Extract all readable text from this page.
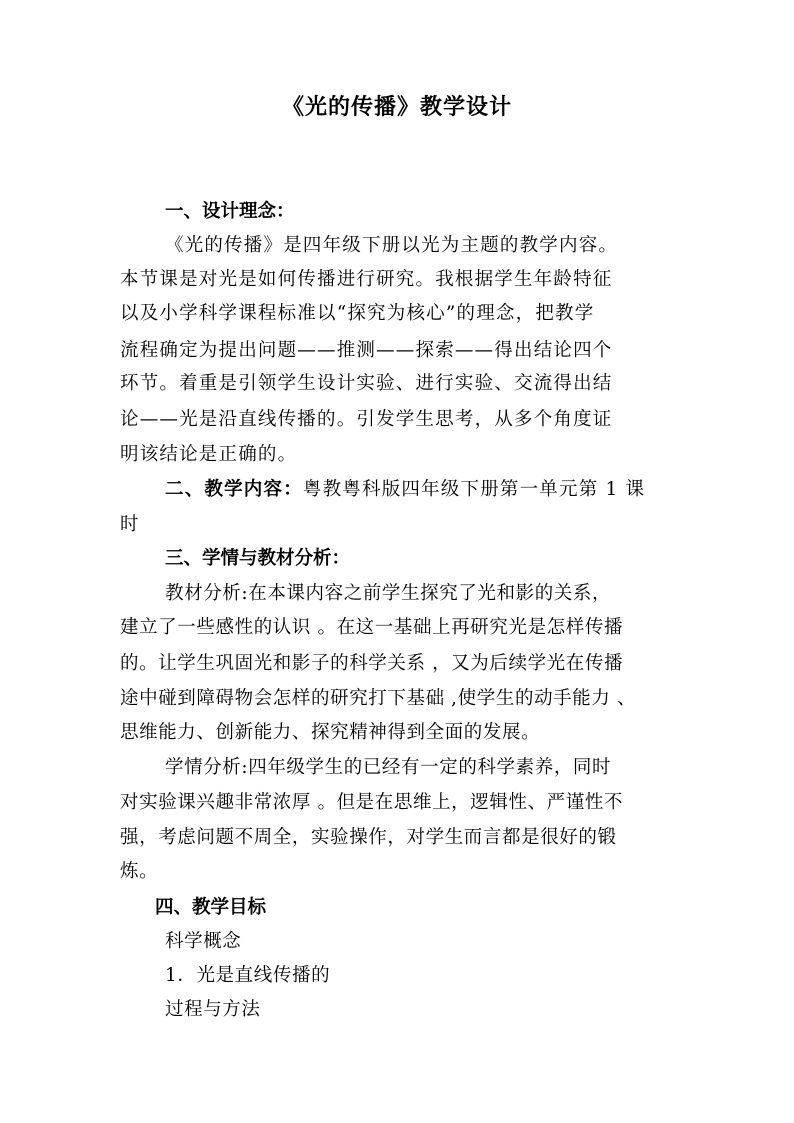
《光的传播》教学设计
一、设计理念：
《光的传播》是四年级下册以光为主题的教学内容。
本节课是对光是如何传播进行研究。我根据学生年龄特征
以及小学科学课程标准以“探究为核心”的理念，把教学
流程确定为提出问题——推测——探索——得出结论四个
环节。着重是引领学生设计实验、进行实验、交流得出结
论——光是沿直线传播的。引发学生思考，从多个角度证
明该结论是正确的。
二、教学内容：粤教粤科版四年级下册第一单元第 1 课
时
三、学情与教材分析：
教材分析:在本课内容之前学生探究了光和影的关系，
建立了一些感性的认识 。在这一基础上再研究光是怎样传播
的。让学生巩固光和影子的科学关系 ，又为后续学光在传播
途中碰到障碍物会怎样的研究打下基础 ,使学生的动手能力 、
思维能力、创新能力、探究精神得到全面的发展。
学情分析:四年级学生的已经有一定的科学素养，同时
对实验课兴趣非常浓厚 。但是在思维上，逻辑性、严谨性不
强，考虑问题不周全，实验操作，对学生而言都是很好的锻
炼。
四、教学目标
科学概念
1．光是直线传播的
过程与方法
